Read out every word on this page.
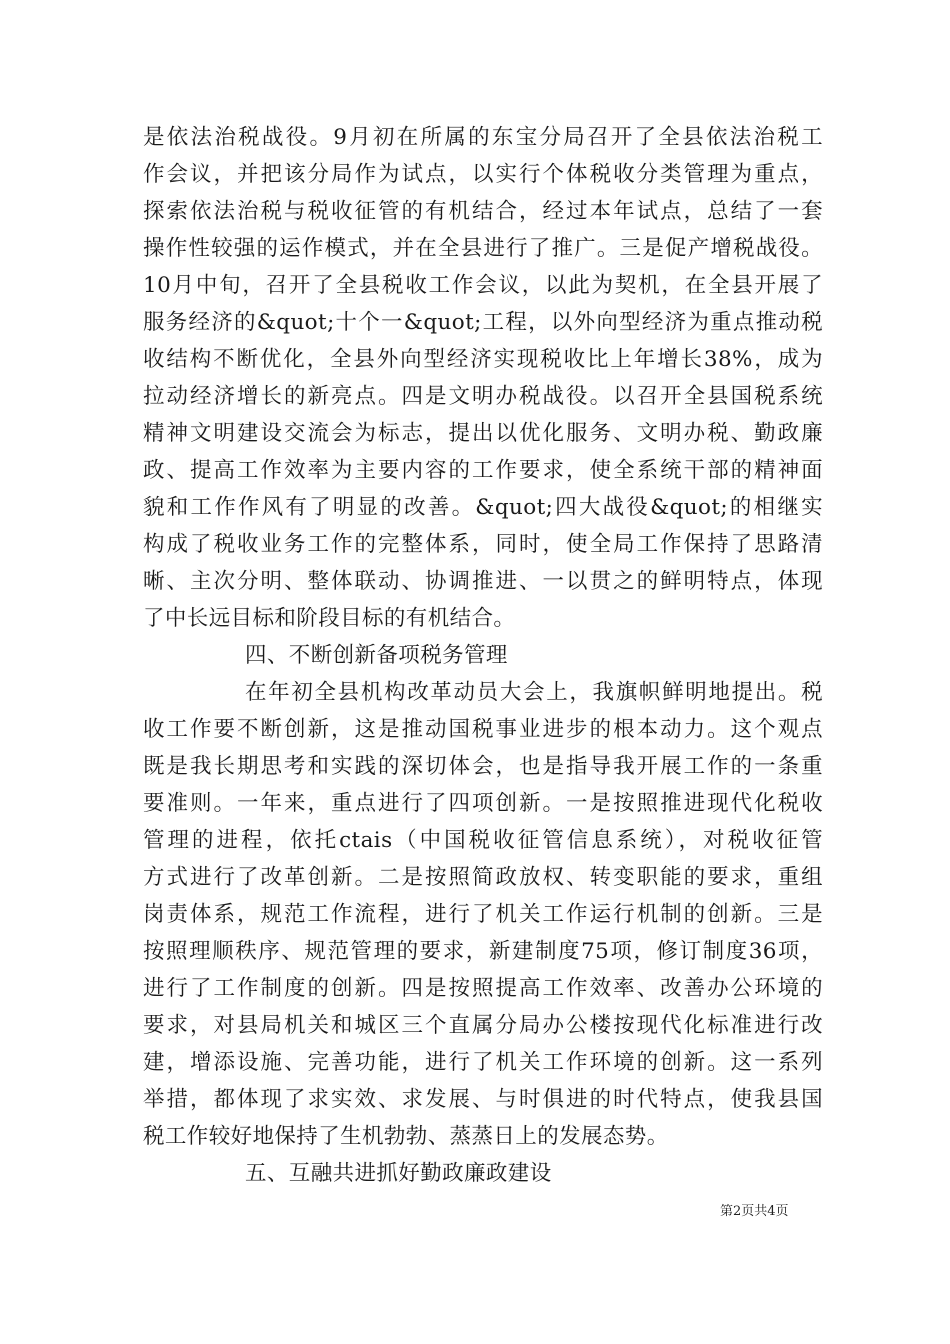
是依法治税战役。9月初在所属的东宝分局召开了全县依法治税工
作会议，并把该分局作为试点，以实行个体税收分类管理为重点，
探索依法治税与税收征管的有机结合，经过本年试点，总结了一套
操作性较强的运作模式，并在全县进行了推广。三是促产增税战役。
10月中旬，召开了全县税收工作会议，以此为契机，在全县开展了
服务经济的&quot;十个一&quot;工程，以外向型经济为重点推动税
收结构不断优化，全县外向型经济实现税收比上年增长38%，成为
拉动经济增长的新亮点。四是文明办税战役。以召开全县国税系统
精神文明建设交流会为标志，提出以优化服务、文明办税、勤政廉
政、提高工作效率为主要内容的工作要求，使全系统干部的精神面
貌和工作作风有了明显的改善。&quot;四大战役&quot;的相继实
构成了税收业务工作的完整体系，同时，使全局工作保持了思路清
晰、主次分明、整体联动、协调推进、一以贯之的鲜明特点，体现
了中长远目标和阶段目标的有机结合。
四、不断创新备项税务管理
在年初全县机构改革动员大会上，我旗帜鲜明地提出。税
收工作要不断创新，这是推动国税事业进步的根本动力。这个观点
既是我长期思考和实践的深切体会，也是指导我开展工作的一条重
要准则。一年来，重点进行了四项创新。一是按照推进现代化税收
管理的进程，依托ctais（中国税收征管信息系统），对税收征管
方式进行了改革创新。二是按照简政放权、转变职能的要求，重组
岗责体系，规范工作流程，进行了机关工作运行机制的创新。三是
按照理顺秩序、规范管理的要求，新建制度75项，修订制度36项，
进行了工作制度的创新。四是按照提高工作效率、改善办公环境的
要求，对县局机关和城区三个直属分局办公楼按现代化标准进行改
建，增添设施、完善功能，进行了机关工作环境的创新。这一系列
举措，都体现了求实效、求发展、与时俱进的时代特点，使我县国
税工作较好地保持了生机勃勃、蒸蒸日上的发展态势。
五、互融共进抓好勤政廉政建设
第2页共4页
